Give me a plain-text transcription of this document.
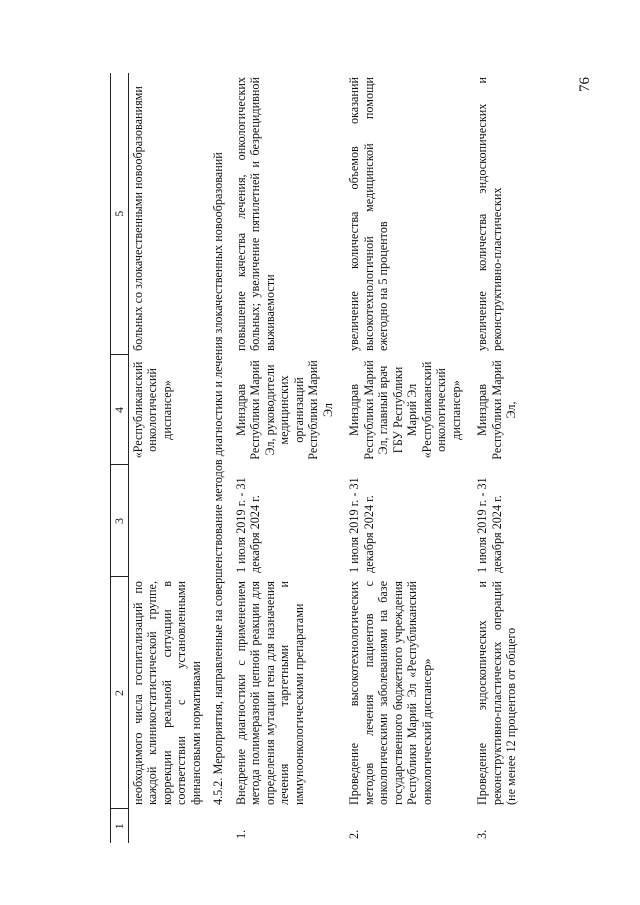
76
1	2	3	4	5
	необходимого числа госпитализаций по каждой клиникостатистической группе, коррекции реальной ситуации в соответствии с установленными финансовыми нормативами		«Республиканский онкологический диспансер»	больных со злокачественными новообразованиями
	4.5.2. Мероприятия, направленные на совершенствование методов диагностики и лечения злокачественных новообразований			
1.	Внедрение диагностики с применением метода полимеразной цепной реакции для определения мутации гена для назначения лечения таргетными и иммуноонкологическими препаратами	1 июля 2019 г. - 31 декабря 2024 г.	Минздрав Республики Марий Эл, руководители медицинских организаций Республики Марий Эл	повышение качества лечения, онкологических больных; увеличение пятилетней и безрецидивной выживаемости
2.	Проведение высокотехнологических методов лечения пациентов с онкологическими заболеваниями на базе государственного бюджетного учреждения Республики Марий Эл «Республиканский онкологический диспансер»	1 июля 2019 г. - 31 декабря 2024 г.	Минздрав Республики Марий Эл, главный врач ГБУ Республики Марий Эл «Республиканский онкологический диспансер»	увеличение количества объемов оказаний высокотехнологичной медицинской помощи ежегодно на 5 процентов
3.	Проведение эндоскопических и реконструктивно-пластических операций (не менее 12 процентов от общего	1 июля 2019 г. - 31 декабря 2024 г.	Минздрав Республики Марий Эл,	увеличение количества эндоскопических и реконструктивно-пластических
